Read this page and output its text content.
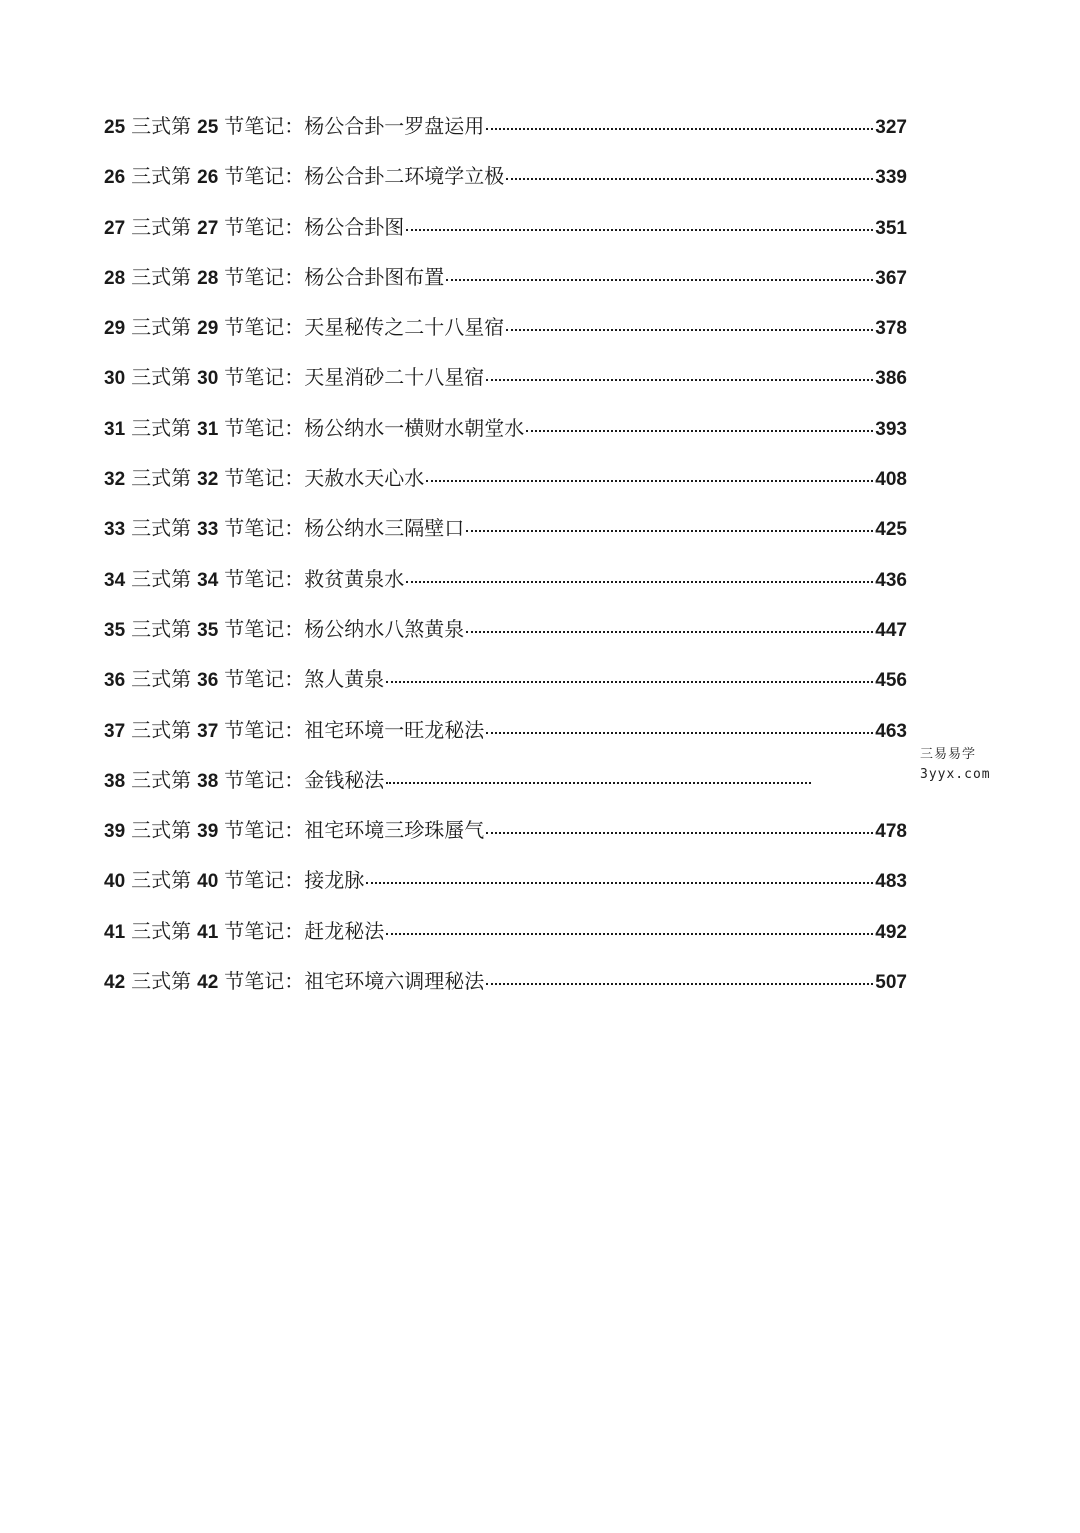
25 三式第 25 节笔记： 杨公合卦一罗盘运用	327
26 三式第 26 节笔记： 杨公合卦二环境学立极	339
27 三式第 27 节笔记： 杨公合卦图	351
28 三式第 28 节笔记： 杨公合卦图布置	367
29 三式第 29 节笔记： 天星秘传之二十八星宿	378
30 三式第 30 节笔记： 天星消砂二十八星宿	386
31 三式第 31 节笔记： 杨公纳水一横财水朝堂水	393
32 三式第 32 节笔记： 天赦水天心水	408
33 三式第 33 节笔记： 杨公纳水三隔壁口	425
34 三式第 34 节笔记： 救贫黄泉水	436
35 三式第 35 节笔记： 杨公纳水八煞黄泉	447
36 三式第 36 节笔记： 煞人黄泉	456
37 三式第 37 节笔记： 祖宅环境一旺龙秘法	463
38 三式第 38 节笔记： 金钱秘法
39 三式第 39 节笔记： 祖宅环境三珍珠蜃气	478
40 三式第 40 节笔记： 接龙脉	483
41 三式第 41 节笔记： 赶龙秘法	492
42 三式第 42 节笔记： 祖宅环境六调理秘法	507
三易易学
3yyx.com
